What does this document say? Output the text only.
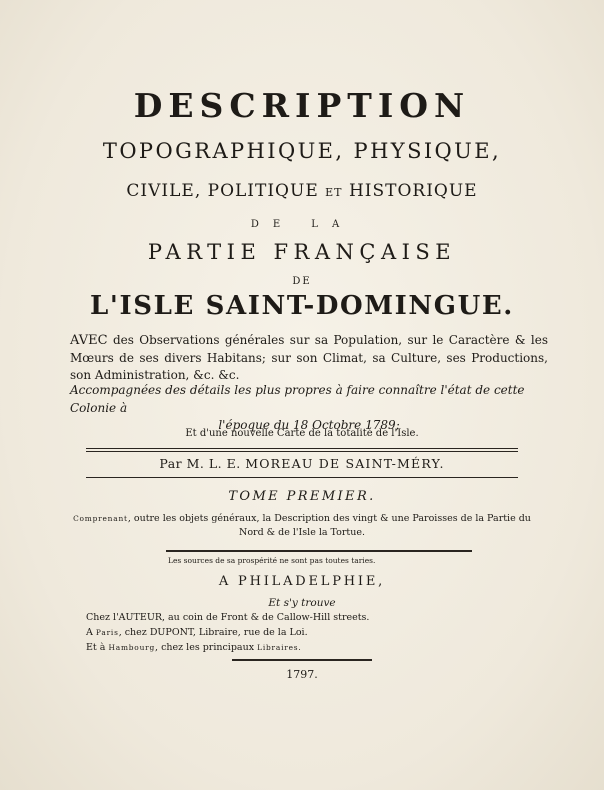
DESCRIPTION
TOPOGRAPHIQUE, PHYSIQUE,
CIVILE, POLITIQUE ET HISTORIQUE
DE LA
PARTIE FRANÇAISE
DE
L'ISLE SAINT-DOMINGUE.
AVEC des Observations générales sur sa Population, sur le Caractère & les Mœurs de ses divers Habitans; sur son Climat, sa Culture, ses Productions, son Administration, &c. &c.
Accompagnées des détails les plus propres à faire connaître l'état de cette Colonie à
l'époque du 18 Octobre 1789;
Et d'une nouvelle Carte de la totalité de l'Isle.
Par M. L. E. MOREAU DE SAINT-MÉRY.
TOME PREMIER.
Comprenant, outre les objets généraux, la Description des vingt & une Paroisses de la Partie du Nord & de l'Isle la Tortue.
Les sources de sa prospérité ne sont pas toutes taries.
A PHILADELPHIE,
Et s'y trouve
Chez l'AUTEUR, au coin de Front & de Callow-Hill streets.
A Paris, chez DUPONT, Libraire, rue de la Loi.
Et à Hambourg, chez les principaux Libraires.
1797.
